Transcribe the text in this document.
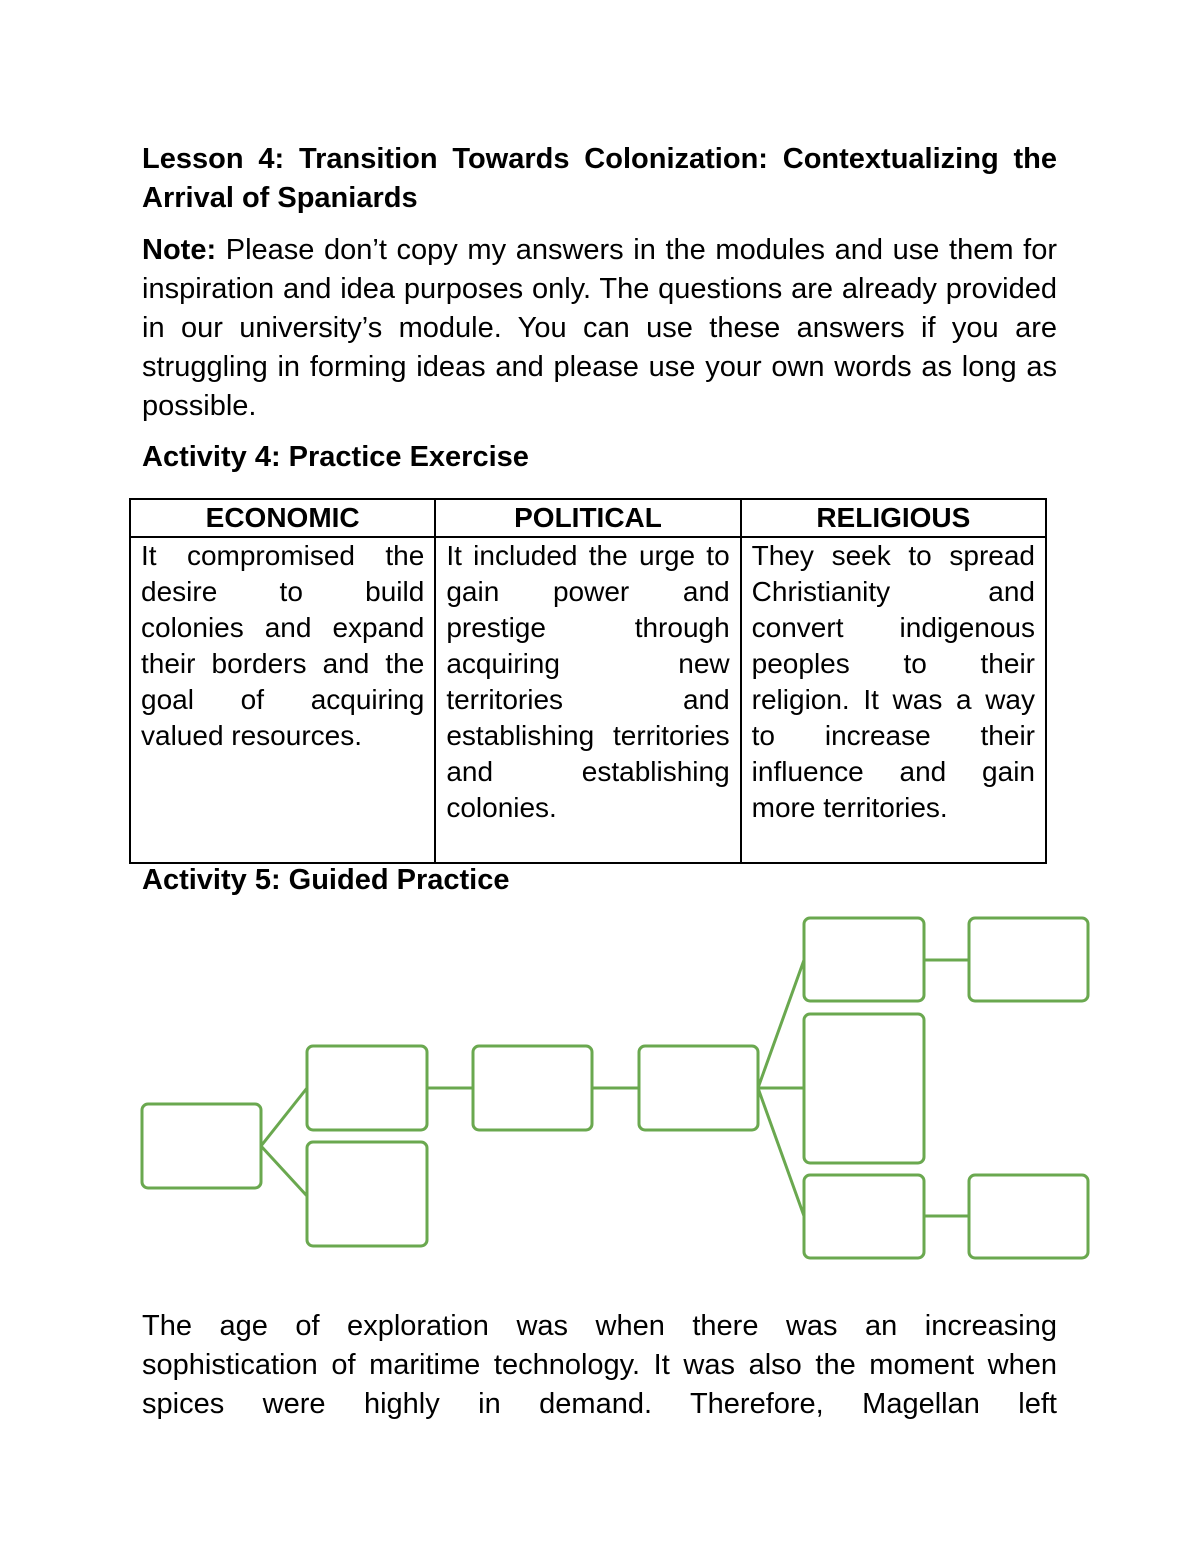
Lesson 4: Transition Towards Colonization: Contextualizing the Arrival of Spaniards

Note: Please don’t copy my answers in the modules and use them for inspiration and idea purposes only. The questions are already provided in our university’s module. You can use these answers if you are struggling in forming ideas and please use your own words as long as possible.

Activity 4: Practice Exercise

ECONOMIC	POLITICAL	RELIGIOUS
It compromised the desire to build colonies and expand their borders and the goal of acquiring valued resources.	It included the urge to gain power and prestige through acquiring new territories and establishing territories and establishing colonies.	They seek to spread Christianity and convert indigenous peoples to their religion. It was a way to increase their influence and gain more territories.

Activity 5: Guided Practice

The age of exploration was when there was an increasing sophistication of maritime technology. It was also the moment when spices were highly in demand. Therefore, Magellan left
